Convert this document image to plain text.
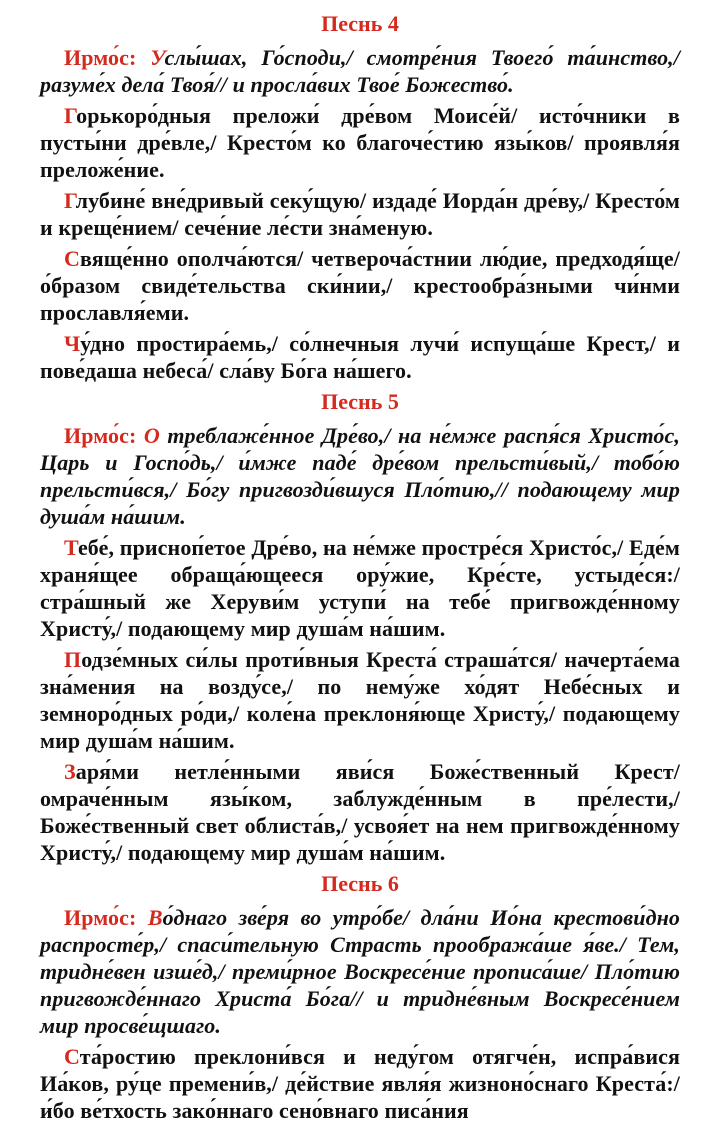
Песнь 4

Ирмо́с: Услы́шах, Го́споди,/ смотре́ния Твоего́ та́инство,/ разуме́х дела́ Твоя́// и просла́вих Твое́ Божество́.

Горькоро́дныя преложи́ дре́вом Моисе́й/ исто́чники в пусты́ни дре́вле,/ Кресто́м ко благоче́стию язы́ков/ проявля́я преложе́ние.

Глубине́ вне́дривый секу́щую/ издаде́ Иорда́н дре́ву,/ Кресто́м и креще́нием/ сече́ние ле́сти зна́меную.

Свяще́нно ополча́ются/ четвероча́стнии лю́дие, предходя́ще/ о́бразом свиде́тельства ски́нии,/ крестообра́зными чи́нми прославля́еми.

Чу́дно простира́емь,/ со́лнечныя лучи́ испуща́ше Крест,/ и пове́даша небеса́/ сла́ву Бо́га на́шего.

Песнь 5

Ирмо́с: О треблаже́нное Дре́во,/ на не́мже распя́ся Христо́с, Царь и Госпо́дь,/ и́мже паде́ дре́вом прельсти́вый,/ тобо́ю прельсти́вся,/ Бо́гу пригвозди́вшуся Пло́тию,// подающему мир душа́м на́шим.

Тебе́, присноп́етое Дре́во, на не́мже простре́ся Христо́с,/ Еде́м храня́щее обраща́ющееся ору́жие, Кре́сте, устыде́ся:/ стра́шный же Херуви́м уступи́ на тебе́ пригвожде́нному Христу́,/ подающему мир душа́м на́шим.

Подзе́мных си́лы проти́вныя Креста́ страша́тся/ начерта́ема зна́мения на возду́се,/ по нему́же хо́дят Небе́сных и земноро́дных ро́ди,/ коле́на преклоня́юще Христу́,/ подающему мир душа́м на́шим.

Заря́ми нетле́нными яви́ся Боже́ственный Крест/ омраче́нным язы́ком, заблужде́нным в пре́лести,/ Боже́ственный свет облиста́в,/ усвоя́ет на нем пригвожде́нному Христу́,/ подающему мир душа́м на́шим.

Песнь 6

Ирмо́с: Во́днаго зве́ря во утро́бе/ дла́ни Ио́на крестови́дно распросте́р,/ спаси́тельную Страсть прообража́ше я́ве./ Тем, тридне́вен изше́д,/ преми́рное Воскресе́ние прописа́ше/ Пло́тию пригвожде́ннаго Христа́ Бо́га// и тридне́вным Воскресе́нием мир просве́щшаго.

Ста́ростию преклони́вся и неду́гом отягче́н, испра́вися Иа́ков, ру́це премени́в,/ де́йствие явля́я жизноно́снаго Креста́:/ и́бо ве́тхость зако́ннаго сено́внаго писа́ния
